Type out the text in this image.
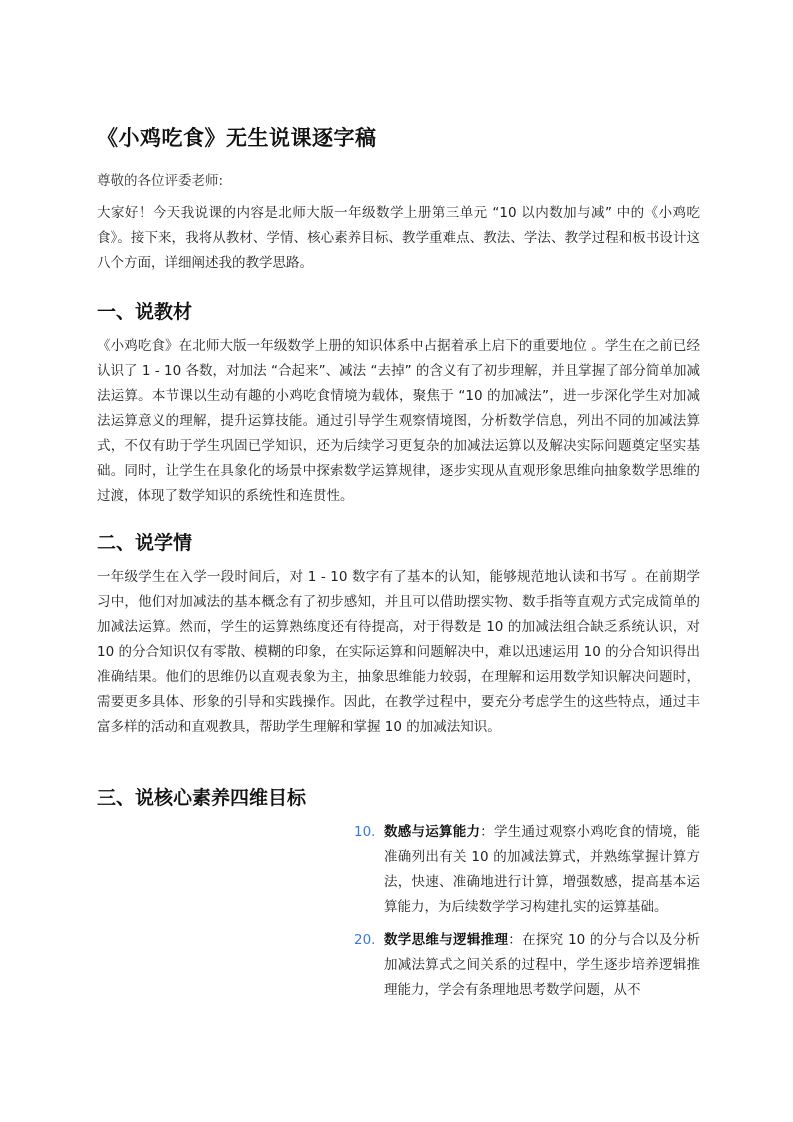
《小鸡吃食》无生说课逐字稿
尊敬的各位评委老师:
大家好！今天我说课的内容是北师大版一年级数学上册第三单元 “10 以内数加与减” 中的《小鸡吃食》。接下来，我将从教材、学情、核心素养目标、教学重难点、教法、学法、教学过程和板书设计这八个方面，详细阐述我的教学思路。
一、说教材
《小鸡吃食》在北师大版一年级数学上册的知识体系中占据着承上启下的重要地位 。学生在之前已经认识了 1 - 10 各数，对加法 “合起来”、减法 “去掉” 的含义有了初步理解，并且掌握了部分简单加减法运算。本节课以生动有趣的小鸡吃食情境为载体，聚焦于 “10 的加减法”，进一步深化学生对加减法运算意义的理解，提升运算技能。通过引导学生观察情境图，分析数学信息，列出不同的加减法算式，不仅有助于学生巩固已学知识，还为后续学习更复杂的加减法运算以及解决实际问题奠定坚实基础。同时，让学生在具象化的场景中探索数学运算规律，逐步实现从直观形象思维向抽象数学思维的过渡，体现了数学知识的系统性和连贯性。
二、说学情
一年级学生在入学一段时间后，对 1 - 10 数字有了基本的认知，能够规范地认读和书写 。在前期学习中，他们对加减法的基本概念有了初步感知，并且可以借助摆实物、数手指等直观方式完成简单的加减法运算。然而，学生的运算熟练度还有待提高，对于得数是 10 的加减法组合缺乏系统认识，对 10 的分合知识仅有零散、模糊的印象，在实际运算和问题解决中，难以迅速运用 10 的分合知识得出准确结果。他们的思维仍以直观表象为主，抽象思维能力较弱，在理解和运用数学知识解决问题时，需要更多具体、形象的引导和实践操作。因此，在教学过程中，要充分考虑学生的这些特点，通过丰富多样的活动和直观教具，帮助学生理解和掌握 10 的加减法知识。
三、说核心素养四维目标
10. 数感与运算能力：学生通过观察小鸡吃食的情境，能准确列出有关 10 的加减法算式，并熟练掌握计算方法，快速、准确地进行计算，增强数感，提高基本运算能力，为后续数学学习构建扎实的运算基础。
20. 数学思维与逻辑推理：在探究 10 的分与合以及分析加减法算式之间关系的过程中，学生逐步培养逻辑推理能力，学会有条理地思考数学问题，从不
